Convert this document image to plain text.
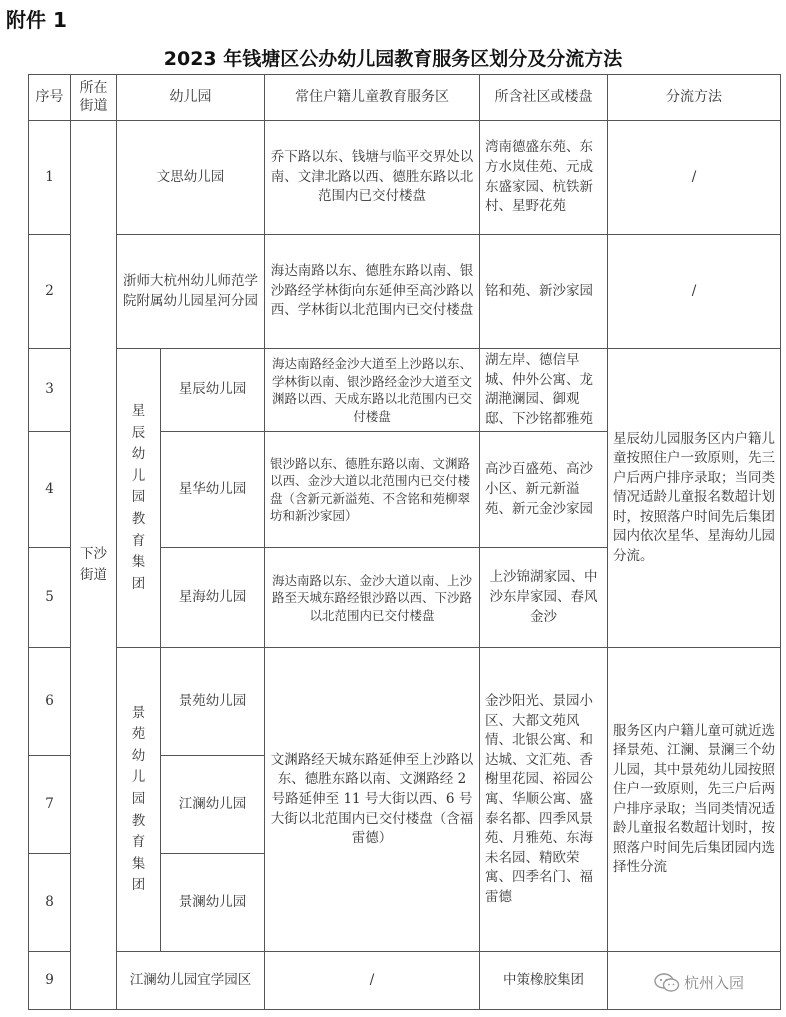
附件 1
2023 年钱塘区公办幼儿园教育服务区划分及分流方法
序号	所在街道	幼儿园		常住户籍儿童教育服务区	所含社区或楼盘	分流方法
1	下沙街道	文思幼儿园		乔下路以东、钱塘与临平交界处以南、文津北路以西、德胜东路以北范围内已交付楼盘	湾南德盛东苑、东方水岚佳苑、元成东盛家园、杭铁新村、星野花苑	/
2		浙师大杭州幼儿师范学院附属幼儿园星河分园		海达南路以东、德胜东路以南、银沙路经学林街向东延伸至高沙路以西、学林街以北范围内已交付楼盘	铭和苑、新沙家园	/
3		星辰幼儿园教育集团	星辰幼儿园	海达南路经金沙大道至上沙路以东、学林街以南、银沙路经金沙大道至文渊路以西、天成东路以北范围内已交付楼盘	湖左岸、德信早城、仲外公寓、龙湖滟澜园、御观邸、下沙铭都雅苑	星辰幼儿园服务区内户籍儿童按照住户一致原则，先三户后两户排序录取；当同类情况适龄儿童报名数超计划时，按照落户时间先后集团园内依次星华、星海幼儿园分流。
4			星华幼儿园	银沙路以东、德胜东路以南、文渊路以西、金沙大道以北范围内已交付楼盘（含新元新溢苑、不含铭和苑柳翠坊和新沙家园）	高沙百盛苑、高沙小区、新元新溢苑、新元金沙家园	
5			星海幼儿园	海达南路以东、金沙大道以南、上沙路至天城东路经银沙路以西、下沙路以北范围内已交付楼盘	上沙锦湖家园、中沙东岸家园、春风金沙	
6		景苑幼儿园教育集团	景苑幼儿园	文渊路经天城东路延伸至上沙路以东、德胜东路以南、文渊路经 2 号路延伸至 11 号大街以西、6 号大街以北范围内已交付楼盘（含福雷德）	金沙阳光、景园小区、大都文苑风情、北银公寓、和达城、文汇苑、香榭里花园、裕园公寓、华顺公寓、盛泰名都、四季风景苑、月雅苑、东海未名园、精欧荣寓、四季名门、福雷德	服务区内户籍儿童可就近选择景苑、江澜、景澜三个幼儿园，其中景苑幼儿园按照住户一致原则，先三户后两户排序录取；当同类情况适龄儿童报名数超计划时，按照落户时间先后集团园内选择性分流
7			江澜幼儿园			
8			景澜幼儿园			
9		江澜幼儿园宜学园区		/	中策橡胶集团		杭州入园
